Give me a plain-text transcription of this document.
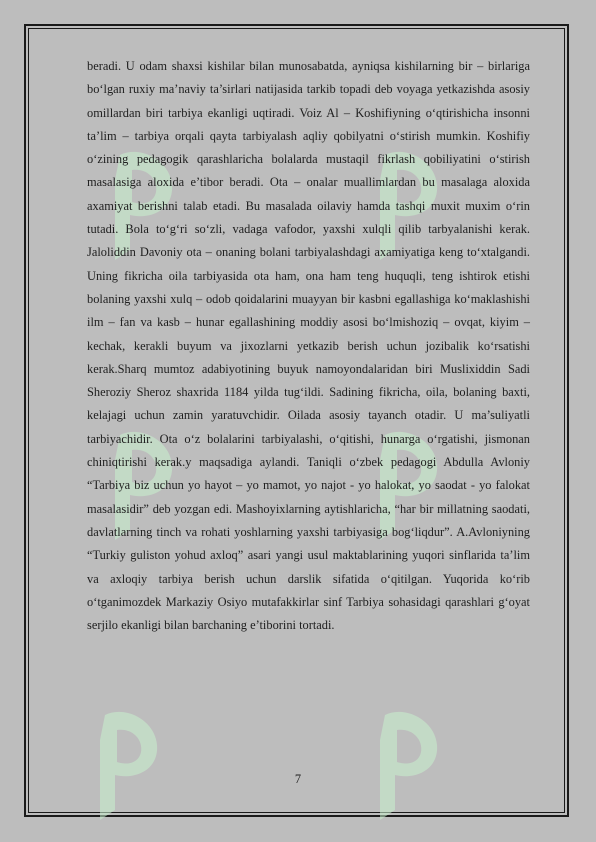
beradi. U odam shaxsi kishilar bilan munosabatda, ayniqsa kishilarning bir – birlariga bo‘lgan ruxiy ma’naviy ta’sirlari natijasida tarkib topadi deb voyaga yetkazishda asosiy omillardan biri tarbiya ekanligi uqtiradi. Voiz Al – Koshifiyning o‘qtirishicha insonni ta’lim – tarbiya orqali qayta tarbiyalash aqliy qobilyatni o‘stirish mumkin. Koshifiy o‘zining pedagogik qarashlaricha bolalarda mustaqil fikrlash qobiliyatini o‘stirish masalasiga aloxida e’tibor beradi. Ota – onalar muallimlardan bu masalaga aloxida axamiyat berishni talab etadi. Bu masalada oilaviy hamda tashqi muxit muxim o‘rin tutadi. Bola to‘g‘ri so‘zli, vadaga vafodor, yaxshi xulqli qilib tarbyalanishi kerak. Jaloliddin Davoniy ota – onaning bolani tarbiyalashdagi axamiyatiga keng to‘xtalgandi. Uning fikricha oila tarbiyasida ota ham, ona ham teng huquqli, teng ishtirok etishi bolaning yaxshi xulq – odob qoidalarini muayyan bir kasbni egallashiga ko‘maklashishi ilm – fan va kasb – hunar egallashining moddiy asosi bo‘lmishoziq – ovqat, kiyim – kechak, kerakli buyum va jixozlarni yetkazib berish uchun jozibalik ko‘rsatishi kerak.Sharq mumtoz adabiyotining buyuk namoyondalaridan biri Muslixiddin Sadi Sheroziy Sheroz shaxrida 1184 yilda tug‘ildi. Sadining fikricha, oila, bolaning baxti, kelajagi uchun zamin yaratuvchidir. Oilada asosiy tayanch otadir. U ma’suliyatli tarbiyachidir. Ota o‘z bolalarini tarbiyalashi, o‘qitishi, hunarga o‘rgatishi, jismonan chiniqtirishi kerak.y maqsadiga aylandi. Taniqli o‘zbek pedagogi Abdulla Avloniy “Tarbiya biz uchun yo hayot – yo mamot, yo najot - yo halokat, yo saodat - yo falokat masalasidir” deb yozgan edi. Mashoyixlarning aytishlaricha, “har bir millatning saodati, davlatlarning tinch va rohati yoshlarning yaxshi tarbiyasiga bog‘liqdur”. A.Avloniyning “Turkiy guliston yohud axloq” asari yangi usul maktablarining yuqori sinflarida ta’lim va axloqiy tarbiya berish uchun darslik sifatida o‘qitilgan. Yuqorida ko‘rib o‘tganimozdek Markaziy Osiyo mutafakkirlar sinf Tarbiya sohasidagi qarashlari g‘oyat serjilo ekanligi bilan barchaning e’tiborini tortadi.

7
